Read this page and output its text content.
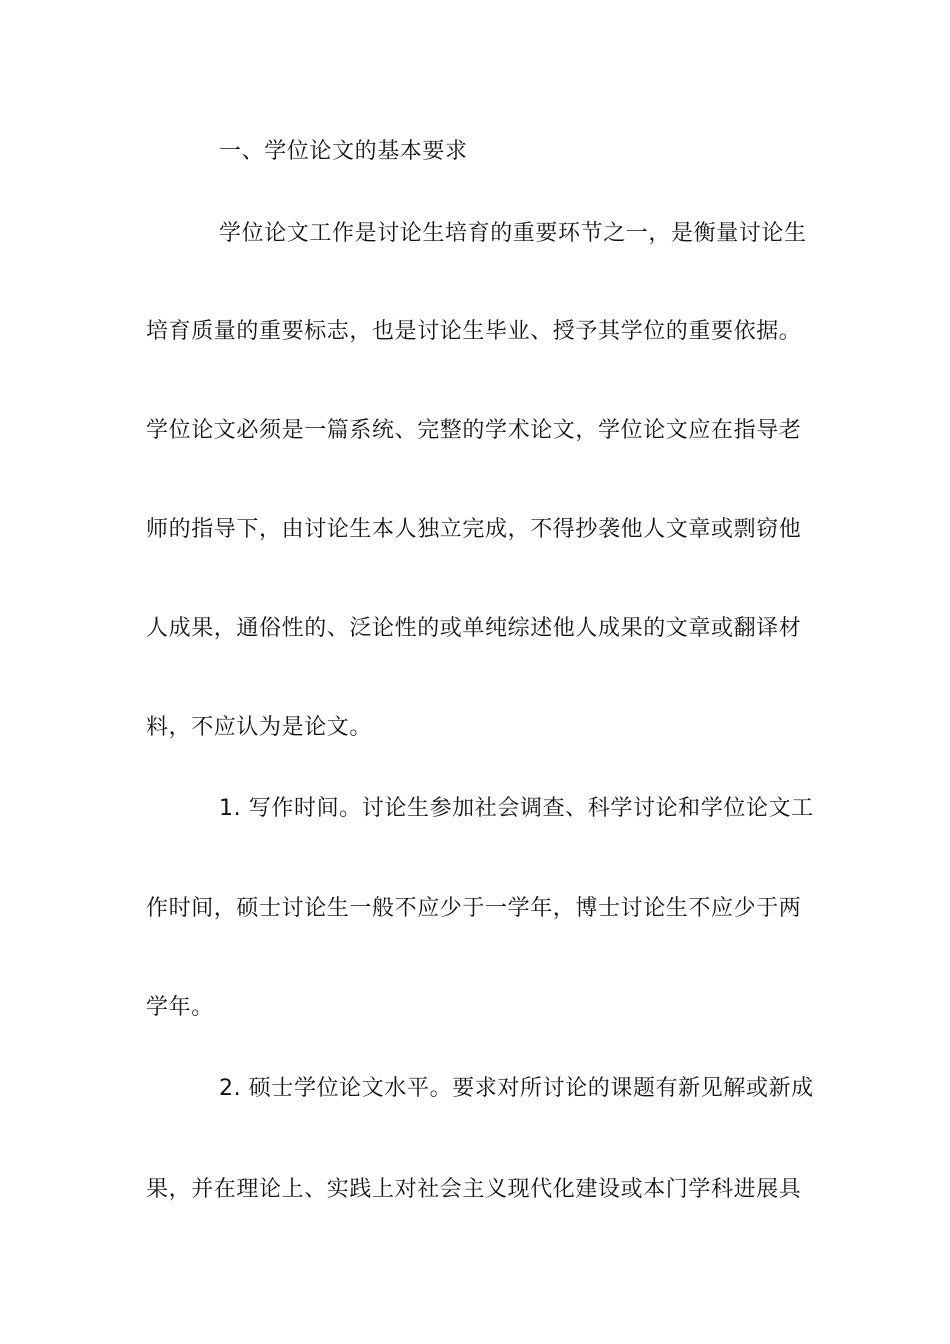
一、学位论文的基本要求
学位论文工作是讨论生培育的重要环节之一，是衡量讨论生
培育质量的重要标志，也是讨论生毕业、授予其学位的重要依据。
学位论文必须是一篇系统、完整的学术论文，学位论文应在指导老
师的指导下，由讨论生本人独立完成，不得抄袭他人文章或剽窃他
人成果，通俗性的、泛论性的或单纯综述他人成果的文章或翻译材
料，不应认为是论文。
1. 写作时间。讨论生参加社会调查、科学讨论和学位论文工
作时间，硕士讨论生一般不应少于一学年，博士讨论生不应少于两
学年。
2. 硕士学位论文水平。要求对所讨论的课题有新见解或新成
果，并在理论上、实践上对社会主义现代化建设或本门学科进展具
